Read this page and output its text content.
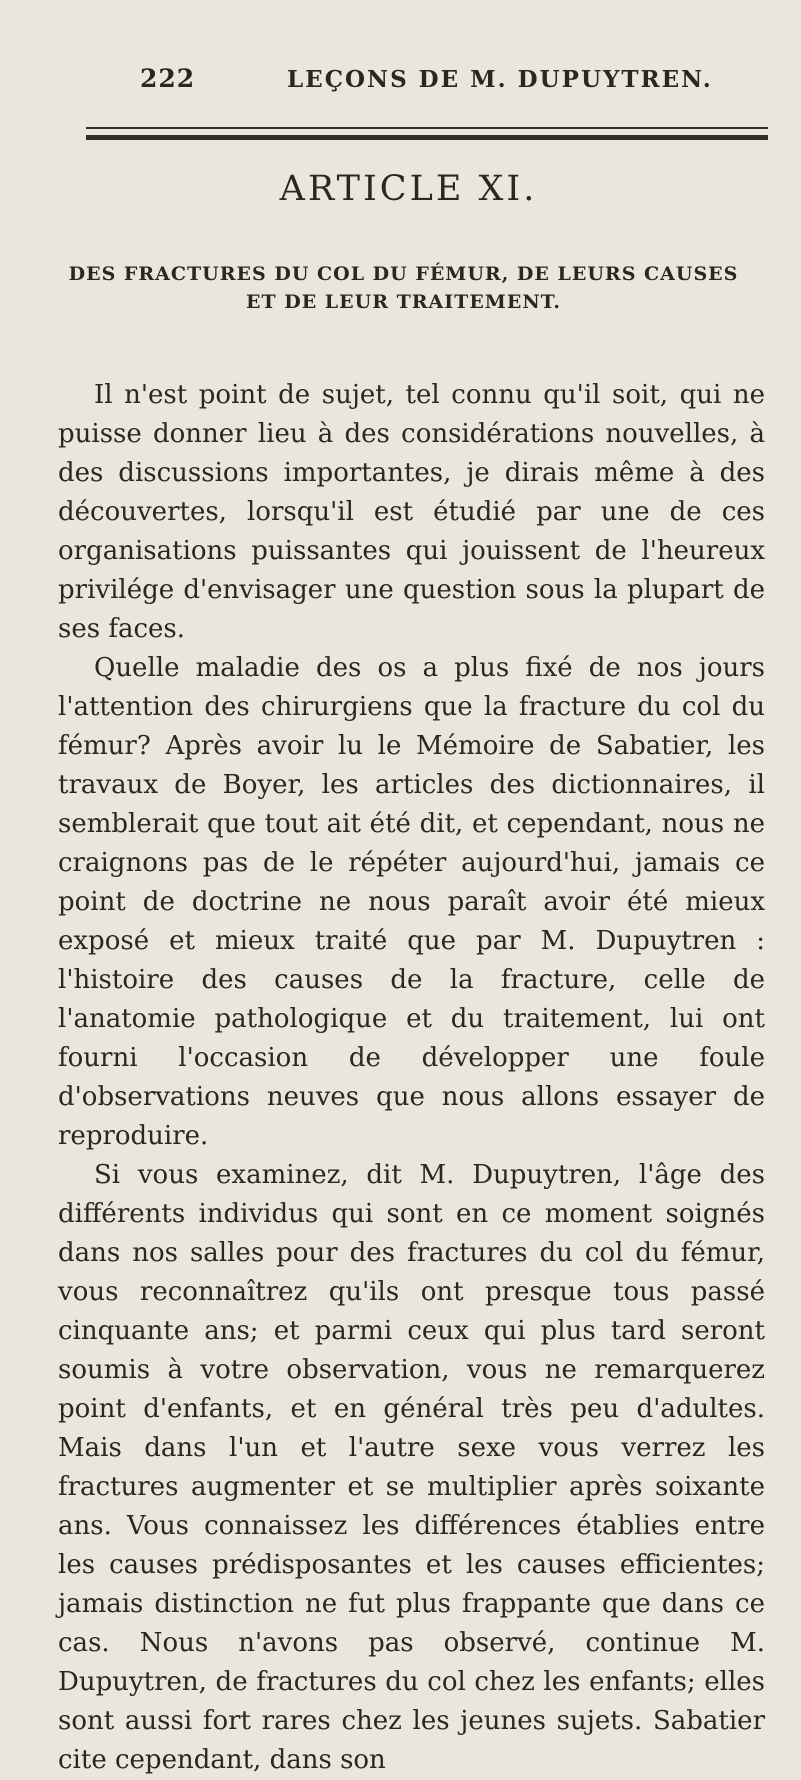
222	LEÇONS DE M. DUPUYTREN.
ARTICLE XI.
DES FRACTURES DU COL DU FÉMUR, DE LEURS CAUSES
ET DE LEUR TRAITEMENT.

Il n'est point de sujet, tel connu qu'il soit, qui ne puisse donner lieu à des considérations nouvelles, à des discussions importantes, je dirais même à des découvertes, lorsqu'il est étudié par une de ces organisations puissantes qui jouissent de l'heureux privilége d'envisager une question sous la plupart de ses faces.

Quelle maladie des os a plus fixé de nos jours l'attention des chirurgiens que la fracture du col du fémur? Après avoir lu le Mémoire de Sabatier, les travaux de Boyer, les articles des dictionnaires, il semblerait que tout ait été dit, et cependant, nous ne craignons pas de le répéter aujourd'hui, jamais ce point de doctrine ne nous paraît avoir été mieux exposé et mieux traité que par M. Dupuytren : l'histoire des causes de la fracture, celle de l'anatomie pathologique et du traitement, lui ont fourni l'occasion de développer une foule d'observations neuves que nous allons essayer de reproduire.

Si vous examinez, dit M. Dupuytren, l'âge des différents individus qui sont en ce moment soignés dans nos salles pour des fractures du col du fémur, vous reconnaîtrez qu'ils ont presque tous passé cinquante ans; et parmi ceux qui plus tard seront soumis à votre observation, vous ne remarquerez point d'enfants, et en général très peu d'adultes. Mais dans l'un et l'autre sexe vous verrez les fractures augmenter et se multiplier après soixante ans. Vous connaissez les différences établies entre les causes prédisposantes et les causes efficientes; jamais distinction ne fut plus frappante que dans ce cas. Nous n'avons pas observé, continue M. Dupuytren, de fractures du col chez les enfants; elles sont aussi fort rares chez les jeunes sujets. Sabatier cite cependant, dans son
